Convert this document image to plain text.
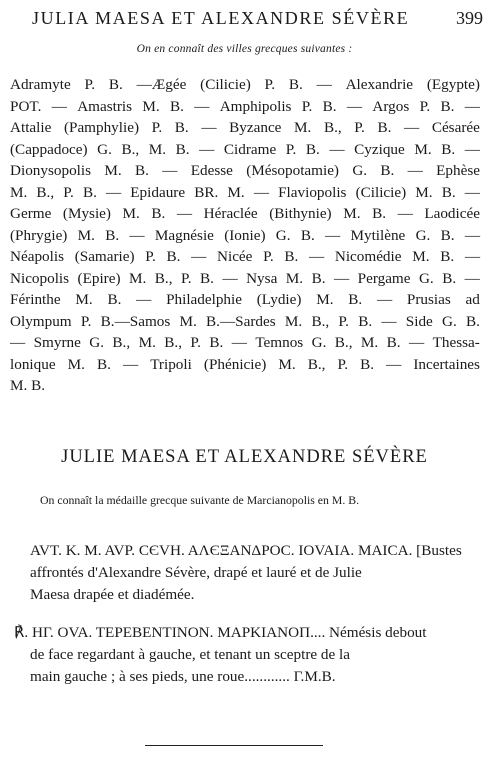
JULIA MAESA ET ALEXANDRE SÉVÈRE	399
On en connaît des villes grecques suivantes :
Adramyte P. B. —Ægée (Cilicie) P. B. — Alexandrie (Egypte)
POT. — Amastris M. B. — Amphipolis P. B. — Argos P. B. —
Attalie (Pamphylie) P. B. — Byzance M. B., P. B. — Césarée
(Cappadoce) G. B., M. B. — Cidrame P. B. — Cyzique M. B. —
Dionysopolis M. B. — Edesse (Mésopotamie) G. B. — Ephèse
M. B., P. B. — Epidaure BR. M. — Flaviopolis (Cilicie) M. B. —
Germe (Mysie) M. B. — Héraclée (Bithynie) M. B. — Laodicée
(Phrygie) M. B. — Magnésie (Ionie) G. B. — Mytilène G. B. —
Néapolis (Samarie) P. B. — Nicée P. B. — Nicomédie M. B. —
Nicopolis (Epire) M. B., P. B. — Nysa M. B. — Pergame G. B. —
Férinthe M. B. — Philadelphie (Lydie) M. B. — Prusias ad
Olympum P. B.—Samos M. B.—Sardes M. B., P. B. — Side G. B.
— Smyrne G. B., M. B., P. B. — Temnos G. B., M. B. — Thessa-
lonique M. B. — Tripoli (Phénicie) M. B., P. B. — Incertaines
M. B.
JULIE MAESA ET ALEXANDRE SÉVÈRE
On connaît la médaille grecque suivante de Marcianopolis en M. B.
AVT. K. M. AVP. CЄVH. AΛЄΞANΔPOC. IOVAIA. MAICA. [Bustes
affrontés d'Alexandre Sévère, drapé et lauré et de Julie
Maesa drapée et diadémée.
℟. ΗΓ. OVA. TEPEBENTINON. MAPKIANOΠ.... Némésis debout
de face regardant à gauche, et tenant un sceptre de la
main gauche ; à ses pieds, une roue............ Γ.M.B.
